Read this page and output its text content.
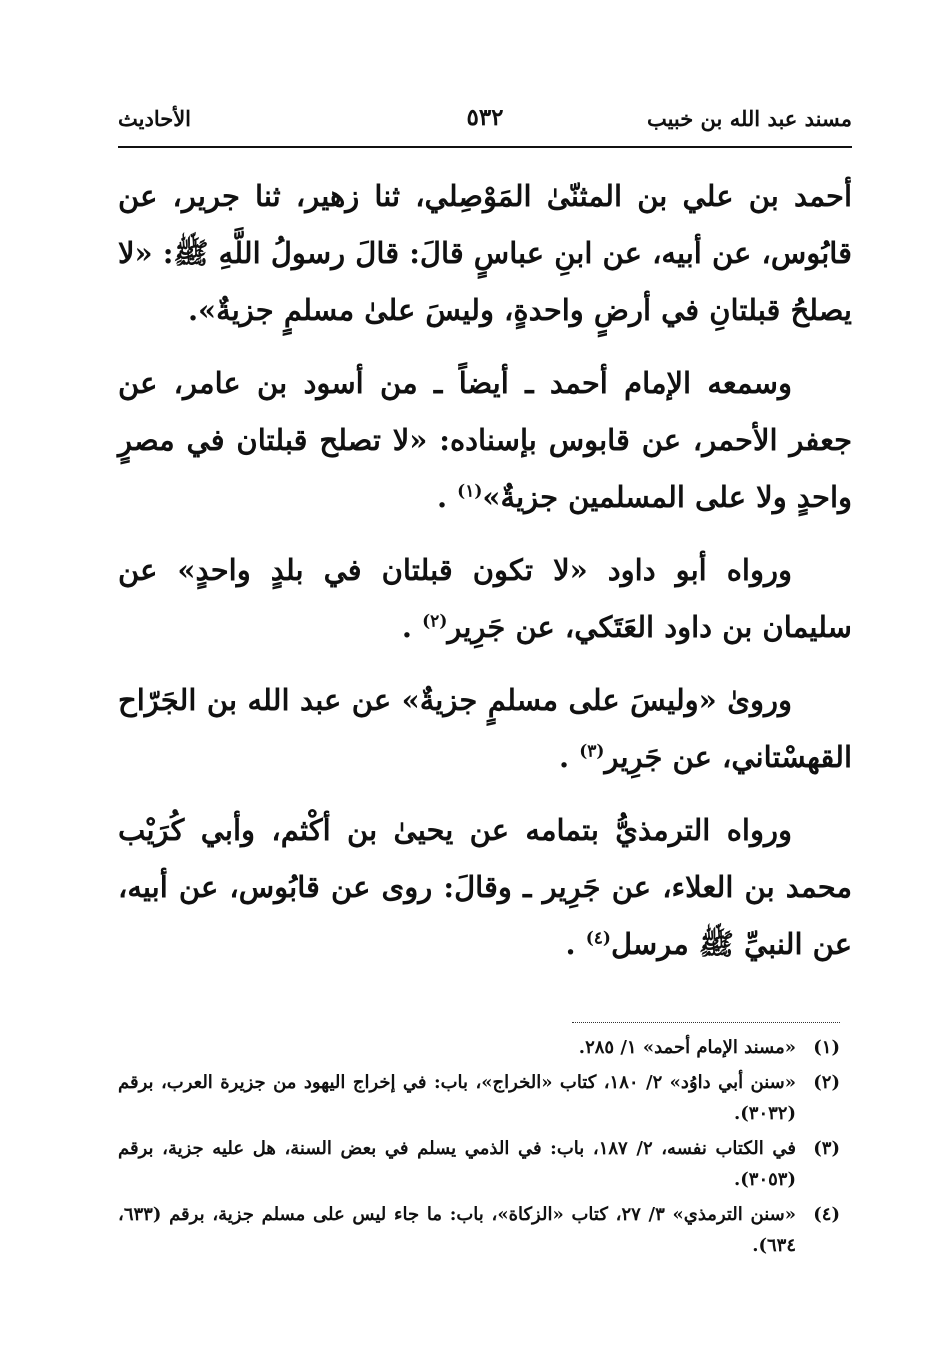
مسند عبد الله بن خبيب
٥٣٢
الأحاديث

أحمد بن علي بن المثنّىٰ المَوْصِلي، ثنا زهير، ثنا جرير، عن قابُوس، عن أبيه، عن ابنِ عباسٍ قالَ: قالَ رسولُ اللَّهِ ﷺ: «لا يصلحُ قبلتانِ في أرضٍ واحدةٍ، وليسَ علىٰ مسلمٍ جزيةٌ».

وسمعه الإمام أحمد ـ أيضاً ـ من أسود بن عامر، عن جعفر الأحمر، عن قابوس بإسناده: «لا تصلح قبلتان في مصرٍ واحدٍ ولا على المسلمين جزيةٌ»$^{(١)}$ .

ورواه أبو داود «لا تكون قبلتان في بلدٍ واحدٍ» عن سليمان بن داود العَتَكي، عن جَرِير$^{(٢)}$ .

وروىٰ «وليسَ على مسلمٍ جزيةٌ» عن عبد الله بن الجَرّاح القهسْتاني، عن جَرِير$^{(٣)}$ .

ورواه الترمذيُّ بتمامه عن يحيىٰ بن أكْثم، وأبي كُرَيْب محمد بن العلاء، عن جَرِير ـ وقالَ: روى عن قابُوس، عن أبيه، عن النبيِّ ﷺ مرسل$^{(٤)}$ .

(١)
«مسند الإمام أحمد» ١/ ٢٨٥.
(٢)
«سنن أبي داوُد» ٢/ ١٨٠، كتاب «الخراج»، باب: في إخراج اليهود من جزيرة العرب، برقم (٣٠٣٢).
(٣)
في الكتاب نفسه، ٢/ ١٨٧، باب: في الذمي يسلم في بعض السنة، هل عليه جزية، برقم (٣٠٥٣).
(٤)
«سنن الترمذي» ٣/ ٢٧، كتاب «الزكاة»، باب: ما جاء ليس على مسلم جزية، برقم (٦٣٣، ٦٣٤).
